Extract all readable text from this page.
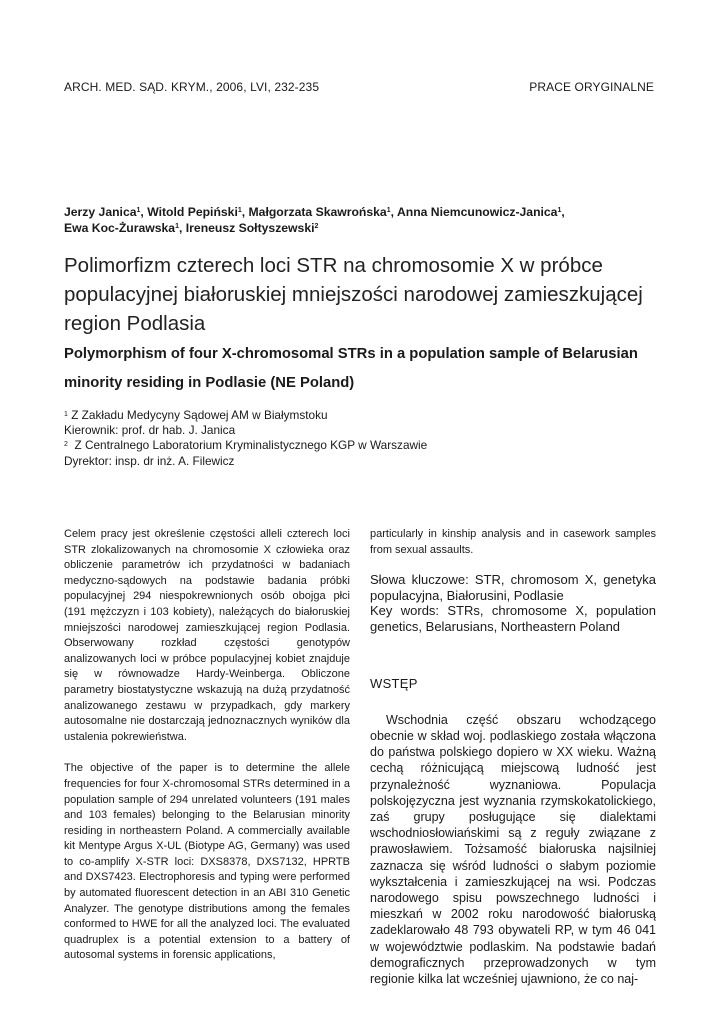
ARCH. MED. SĄD. KRYM., 2006, LVI, 232-235	PRACE ORYGINALNE
Jerzy Janica$^1$, Witold Pepiński$^1$, Małgorzata Skawrońska$^1$, Anna Niemcunowicz-Janica$^1$,
Ewa Koc-Żurawska$^1$, Ireneusz Sołtyszewski$^2$
Polimorfizm czterech loci STR na chromosomie X w próbce populacyjnej białoruskiej mniejszości narodowej zamieszkującej region Podlasia
Polymorphism of four X-chromosomal STRs in a population sample of Belarusian minority residing in Podlasie (NE Poland)
$^1$ Z Zakładu Medycyny Sądowej AM w Białymstoku
Kierownik: prof. dr hab. J. Janica
$^2$ Z Centralnego Laboratorium Kryminalistycznego KGP w Warszawie
Dyrektor: insp. dr inż. A. Filewicz

Celem pracy jest określenie częstości alleli czterech loci STR zlokalizowanych na chromosomie X człowieka oraz obliczenie parametrów ich przydatności w badaniach medyczno-sądowych na podstawie badania próbki populacyjnej 294 niespokrewnionych osób obojga płci (191 mężczyzn i 103 kobiety), należących do białoruskiej mniejszości narodowej zamieszkującej region Podlasia. Obserwowany rozkład częstości genotypów analizowanych loci w próbce populacyjnej kobiet znajduje się w równowadze Hardy-Weinberga. Obliczone parametry biostatystyczne wskazują na dużą przydatność analizowanego zestawu w przypadkach, gdy markery autosomalne nie dostarczają jednoznacznych wyników dla ustalenia pokrewieństwa.

The objective of the paper is to determine the allele frequencies for four X-chromosomal STRs determined in a population sample of 294 unrelated volunteers (191 males and 103 females) belonging to the Belarusian minority residing in northeastern Poland. A commercially available kit Mentype Argus X-UL (Biotype AG, Germany) was used to co-amplify X-STR loci: DXS8378, DXS7132, HPRTB and DXS7423. Electrophoresis and typing were performed by automated fluorescent detection in an ABI 310 Genetic Analyzer. The genotype distributions among the females conformed to HWE for all the analyzed loci. The evaluated quadruplex is a potential extension to a battery of autosomal systems in forensic applications,

particularly in kinship analysis and in casework samples from sexual assaults.

Słowa kluczowe: STR, chromosom X, genetyka populacyjna, Białorusini, Podlasie
Key words: STRs, chromosome X, population genetics, Belarusians, Northeastern Poland
WSTĘP
Wschodnia część obszaru wchodzącego obecnie w skład woj. podlaskiego została włączona do państwa polskiego dopiero w XX wieku. Ważną cechą różnicującą miejscową ludność jest przynależność wyznaniowa. Populacja polskojęzyczna jest wyznania rzymskokatolickiego, zaś grupy posługujące się dialektami wschodniosłowiańskimi są z reguły związane z prawosławiem. Tożsamość białoruska najsilniej zaznacza się wśród ludności o słabym poziomie wykształcenia i zamieszkującej na wsi. Podczas narodowego spisu powszechnego ludności i mieszkań w 2002 roku narodowość białoruską zadeklarowało 48 793 obywateli RP, w tym 46 041 w województwie podlaskim. Na podstawie badań demograficznych przeprowadzonych w tym regionie kilka lat wcześniej ujawniono, że co naj-
